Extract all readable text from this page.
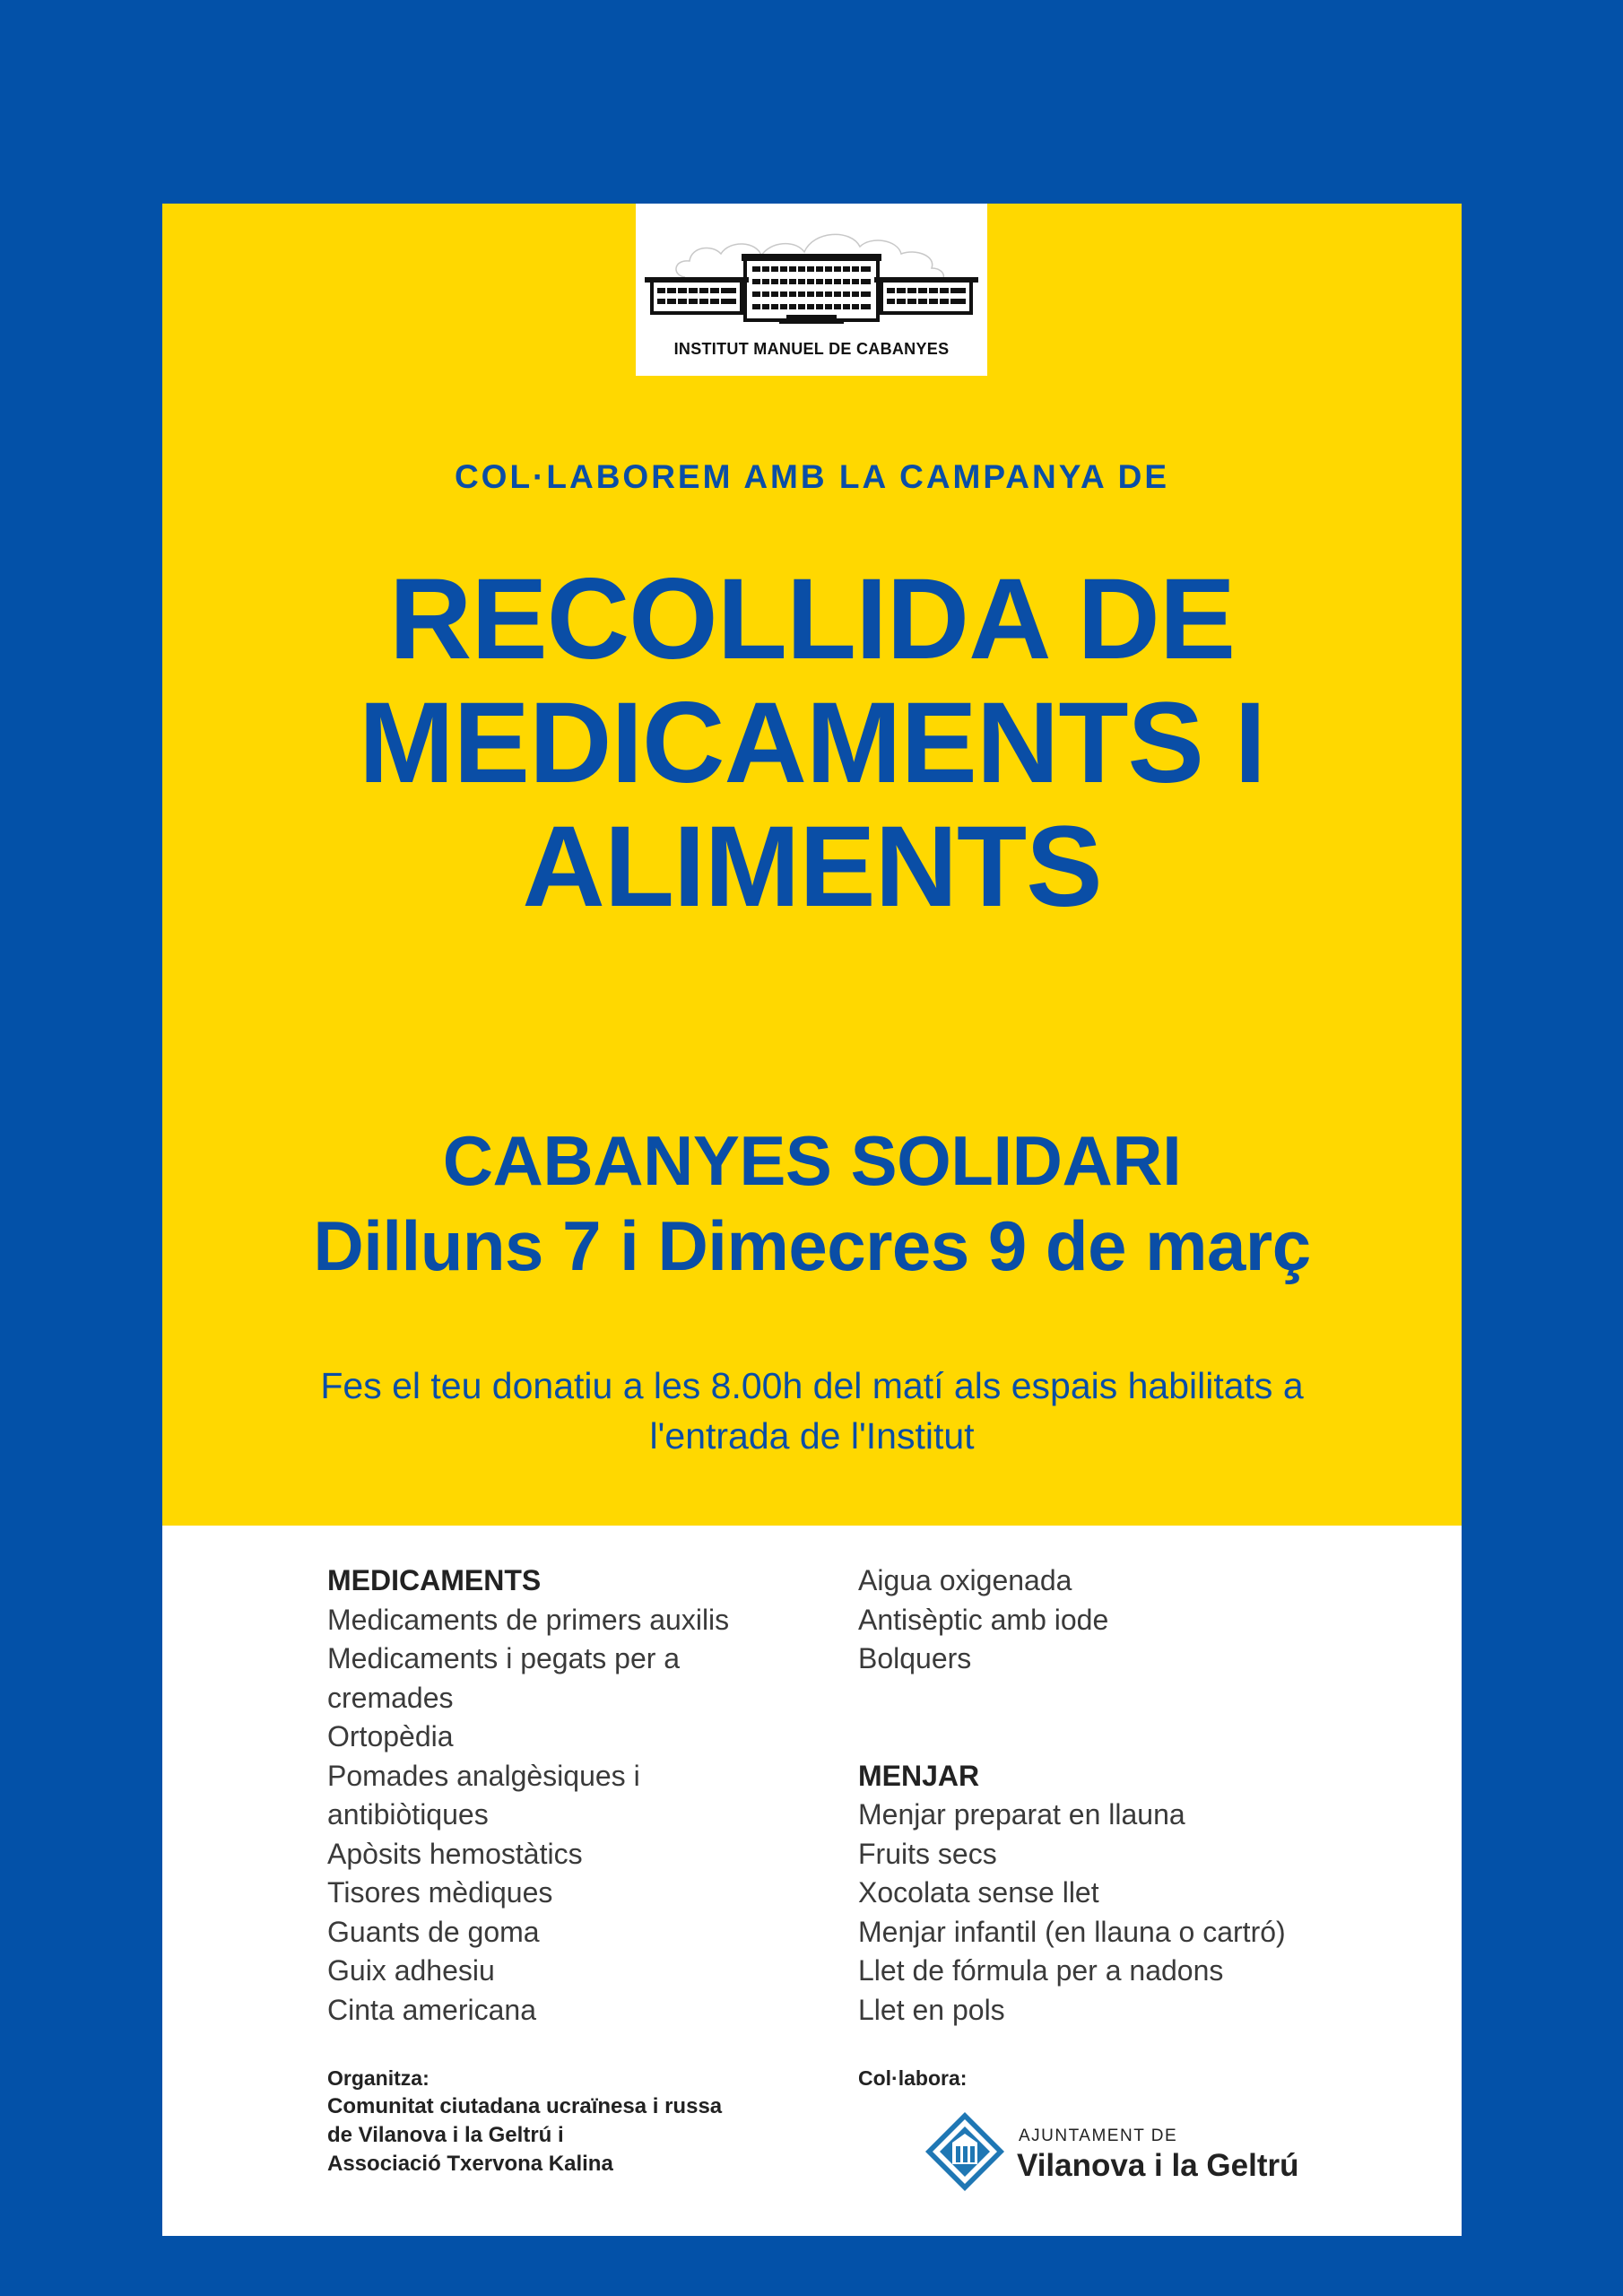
INSTITUT MANUEL DE CABANYES
COL·LABOREM AMB LA CAMPANYA DE
RECOLLIDA DE
MEDICAMENTS I
ALIMENTS
CABANYES SOLIDARI
Dilluns 7 i Dimecres 9 de març
Fes el teu donatiu a les 8.00h del matí als espais habilitats a
l'entrada de l'Institut
MEDICAMENTS
Medicaments de primers auxilis
Medicaments i pegats per a
cremades
Ortopèdia
Pomades analgèsiques i
antibiòtiques
Apòsits hemostàtics
Tisores mèdiques
Guants de goma
Guix adhesiu
Cinta americana
Aigua oxigenada
Antisèptic amb iode
Bolquers
MENJAR
Menjar preparat en llauna
Fruits secs
Xocolata sense llet
Menjar infantil (en llauna o cartró)
Llet de fórmula per a nadons
Llet en pols
Organitza:
Comunitat ciutadana ucraïnesa i russa
de Vilanova i la Geltrú i
Associació Txervona Kalina
Col·labora:
AJUNTAMENT DE
Vilanova i la Geltrú
